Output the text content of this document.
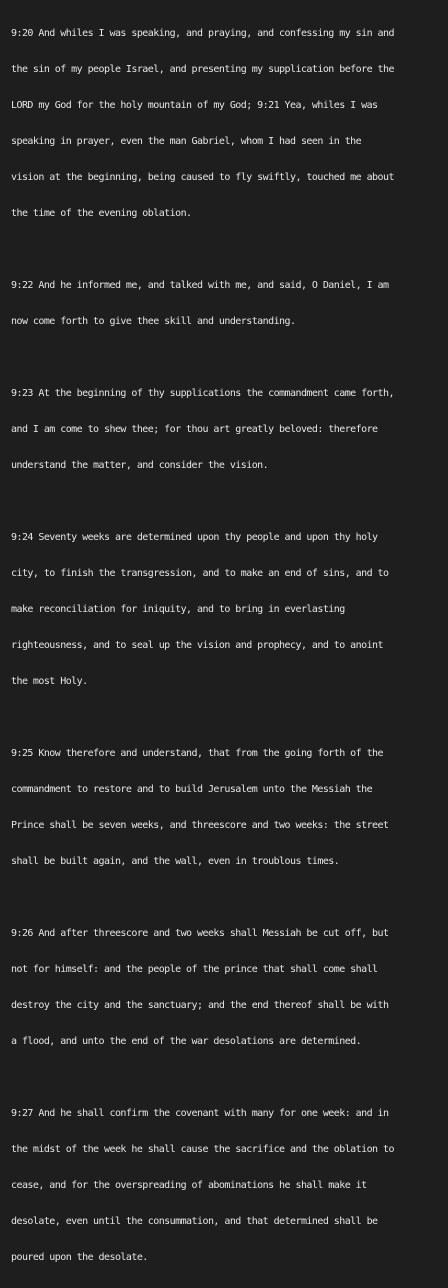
9:20 And whiles I was speaking, and praying, and confessing my sin and

the sin of my people Israel, and presenting my supplication before the

LORD my God for the holy mountain of my God; 9:21 Yea, whiles I was

speaking in prayer, even the man Gabriel, whom I had seen in the

vision at the beginning, being caused to fly swiftly, touched me about

the time of the evening oblation.

9:22 And he informed me, and talked with me, and said, O Daniel, I am

now come forth to give thee skill and understanding.

9:23 At the beginning of thy supplications the commandment came forth,

and I am come to shew thee; for thou art greatly beloved: therefore

understand the matter, and consider the vision.

9:24 Seventy weeks are determined upon thy people and upon thy holy

city, to finish the transgression, and to make an end of sins, and to

make reconciliation for iniquity, and to bring in everlasting

righteousness, and to seal up the vision and prophecy, and to anoint

the most Holy.

9:25 Know therefore and understand, that from the going forth of the

commandment to restore and to build Jerusalem unto the Messiah the

Prince shall be seven weeks, and threescore and two weeks: the street

shall be built again, and the wall, even in troublous times.

9:26 And after threescore and two weeks shall Messiah be cut off, but

not for himself: and the people of the prince that shall come shall

destroy the city and the sanctuary; and the end thereof shall be with

a flood, and unto the end of the war desolations are determined.

9:27 And he shall confirm the covenant with many for one week: and in

the midst of the week he shall cause the sacrifice and the oblation to

cease, and for the overspreading of abominations he shall make it

desolate, even until the consummation, and that determined shall be

poured upon the desolate.
